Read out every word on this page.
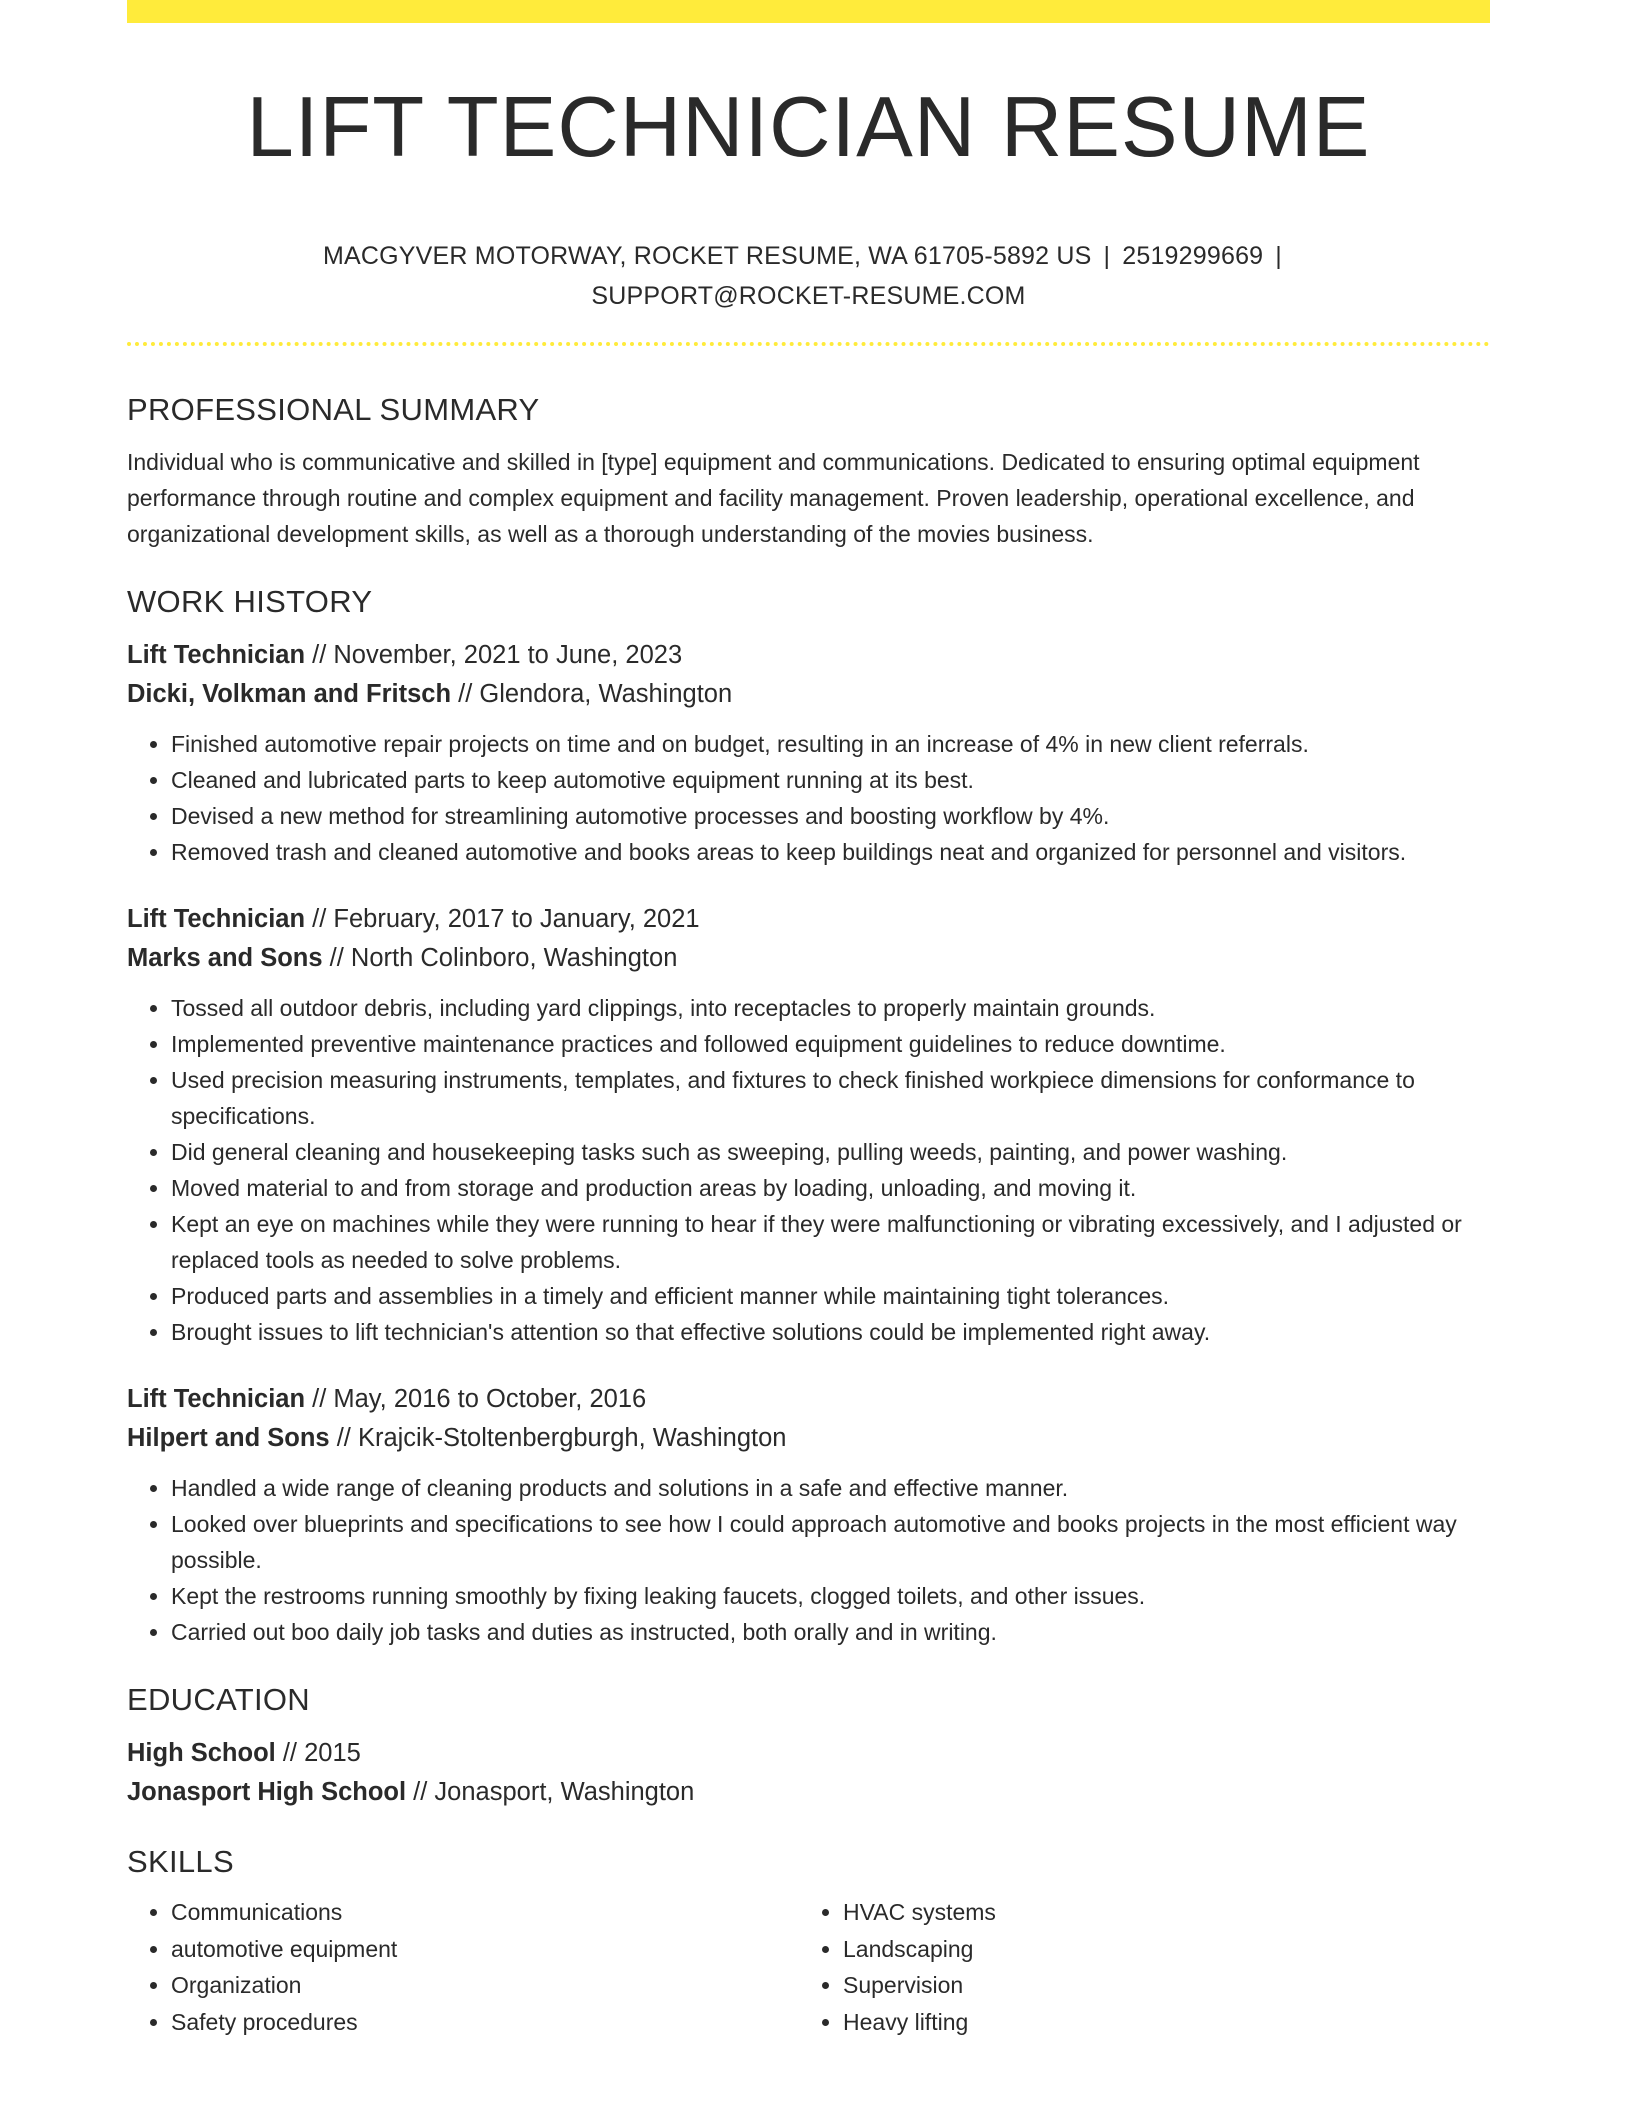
LIFT TECHNICIAN RESUME
MACGYVER MOTORWAY, ROCKET RESUME, WA 61705-5892 US | 2519299669 |
SUPPORT@ROCKET-RESUME.COM
PROFESSIONAL SUMMARY

Individual who is communicative and skilled in [type] equipment and communications. Dedicated to ensuring optimal equipment performance through routine and complex equipment and facility management. Proven leadership, operational excellence, and organizational development skills, as well as a thorough understanding of the movies business.

WORK HISTORY
Lift Technician // November, 2021 to June, 2023
Dicki, Volkman and Fritsch // Glendora, Washington
• Finished automotive repair projects on time and on budget, resulting in an increase of 4% in new client referrals.
• Cleaned and lubricated parts to keep automotive equipment running at its best.
• Devised a new method for streamlining automotive processes and boosting workflow by 4%.
• Removed trash and cleaned automotive and books areas to keep buildings neat and organized for personnel and visitors.
Lift Technician // February, 2017 to January, 2021
Marks and Sons // North Colinboro, Washington
• Tossed all outdoor debris, including yard clippings, into receptacles to properly maintain grounds.
• Implemented preventive maintenance practices and followed equipment guidelines to reduce downtime.
• Used precision measuring instruments, templates, and fixtures to check finished workpiece dimensions for conformance to specifications.
• Did general cleaning and housekeeping tasks such as sweeping, pulling weeds, painting, and power washing.
• Moved material to and from storage and production areas by loading, unloading, and moving it.
• Kept an eye on machines while they were running to hear if they were malfunctioning or vibrating excessively, and I adjusted or replaced tools as needed to solve problems.
• Produced parts and assemblies in a timely and efficient manner while maintaining tight tolerances.
• Brought issues to lift technician's attention so that effective solutions could be implemented right away.
Lift Technician // May, 2016 to October, 2016
Hilpert and Sons // Krajcik-Stoltenbergburgh, Washington
• Handled a wide range of cleaning products and solutions in a safe and effective manner.
• Looked over blueprints and specifications to see how I could approach automotive and books projects in the most efficient way possible.
• Kept the restrooms running smoothly by fixing leaking faucets, clogged toilets, and other issues.
• Carried out boo daily job tasks and duties as instructed, both orally and in writing.
EDUCATION
High School // 2015
Jonasport High School // Jonasport, Washington
SKILLS
• Communications
• automotive equipment
• Organization
• Safety procedures
• HVAC systems
• Landscaping
• Supervision
• Heavy lifting
